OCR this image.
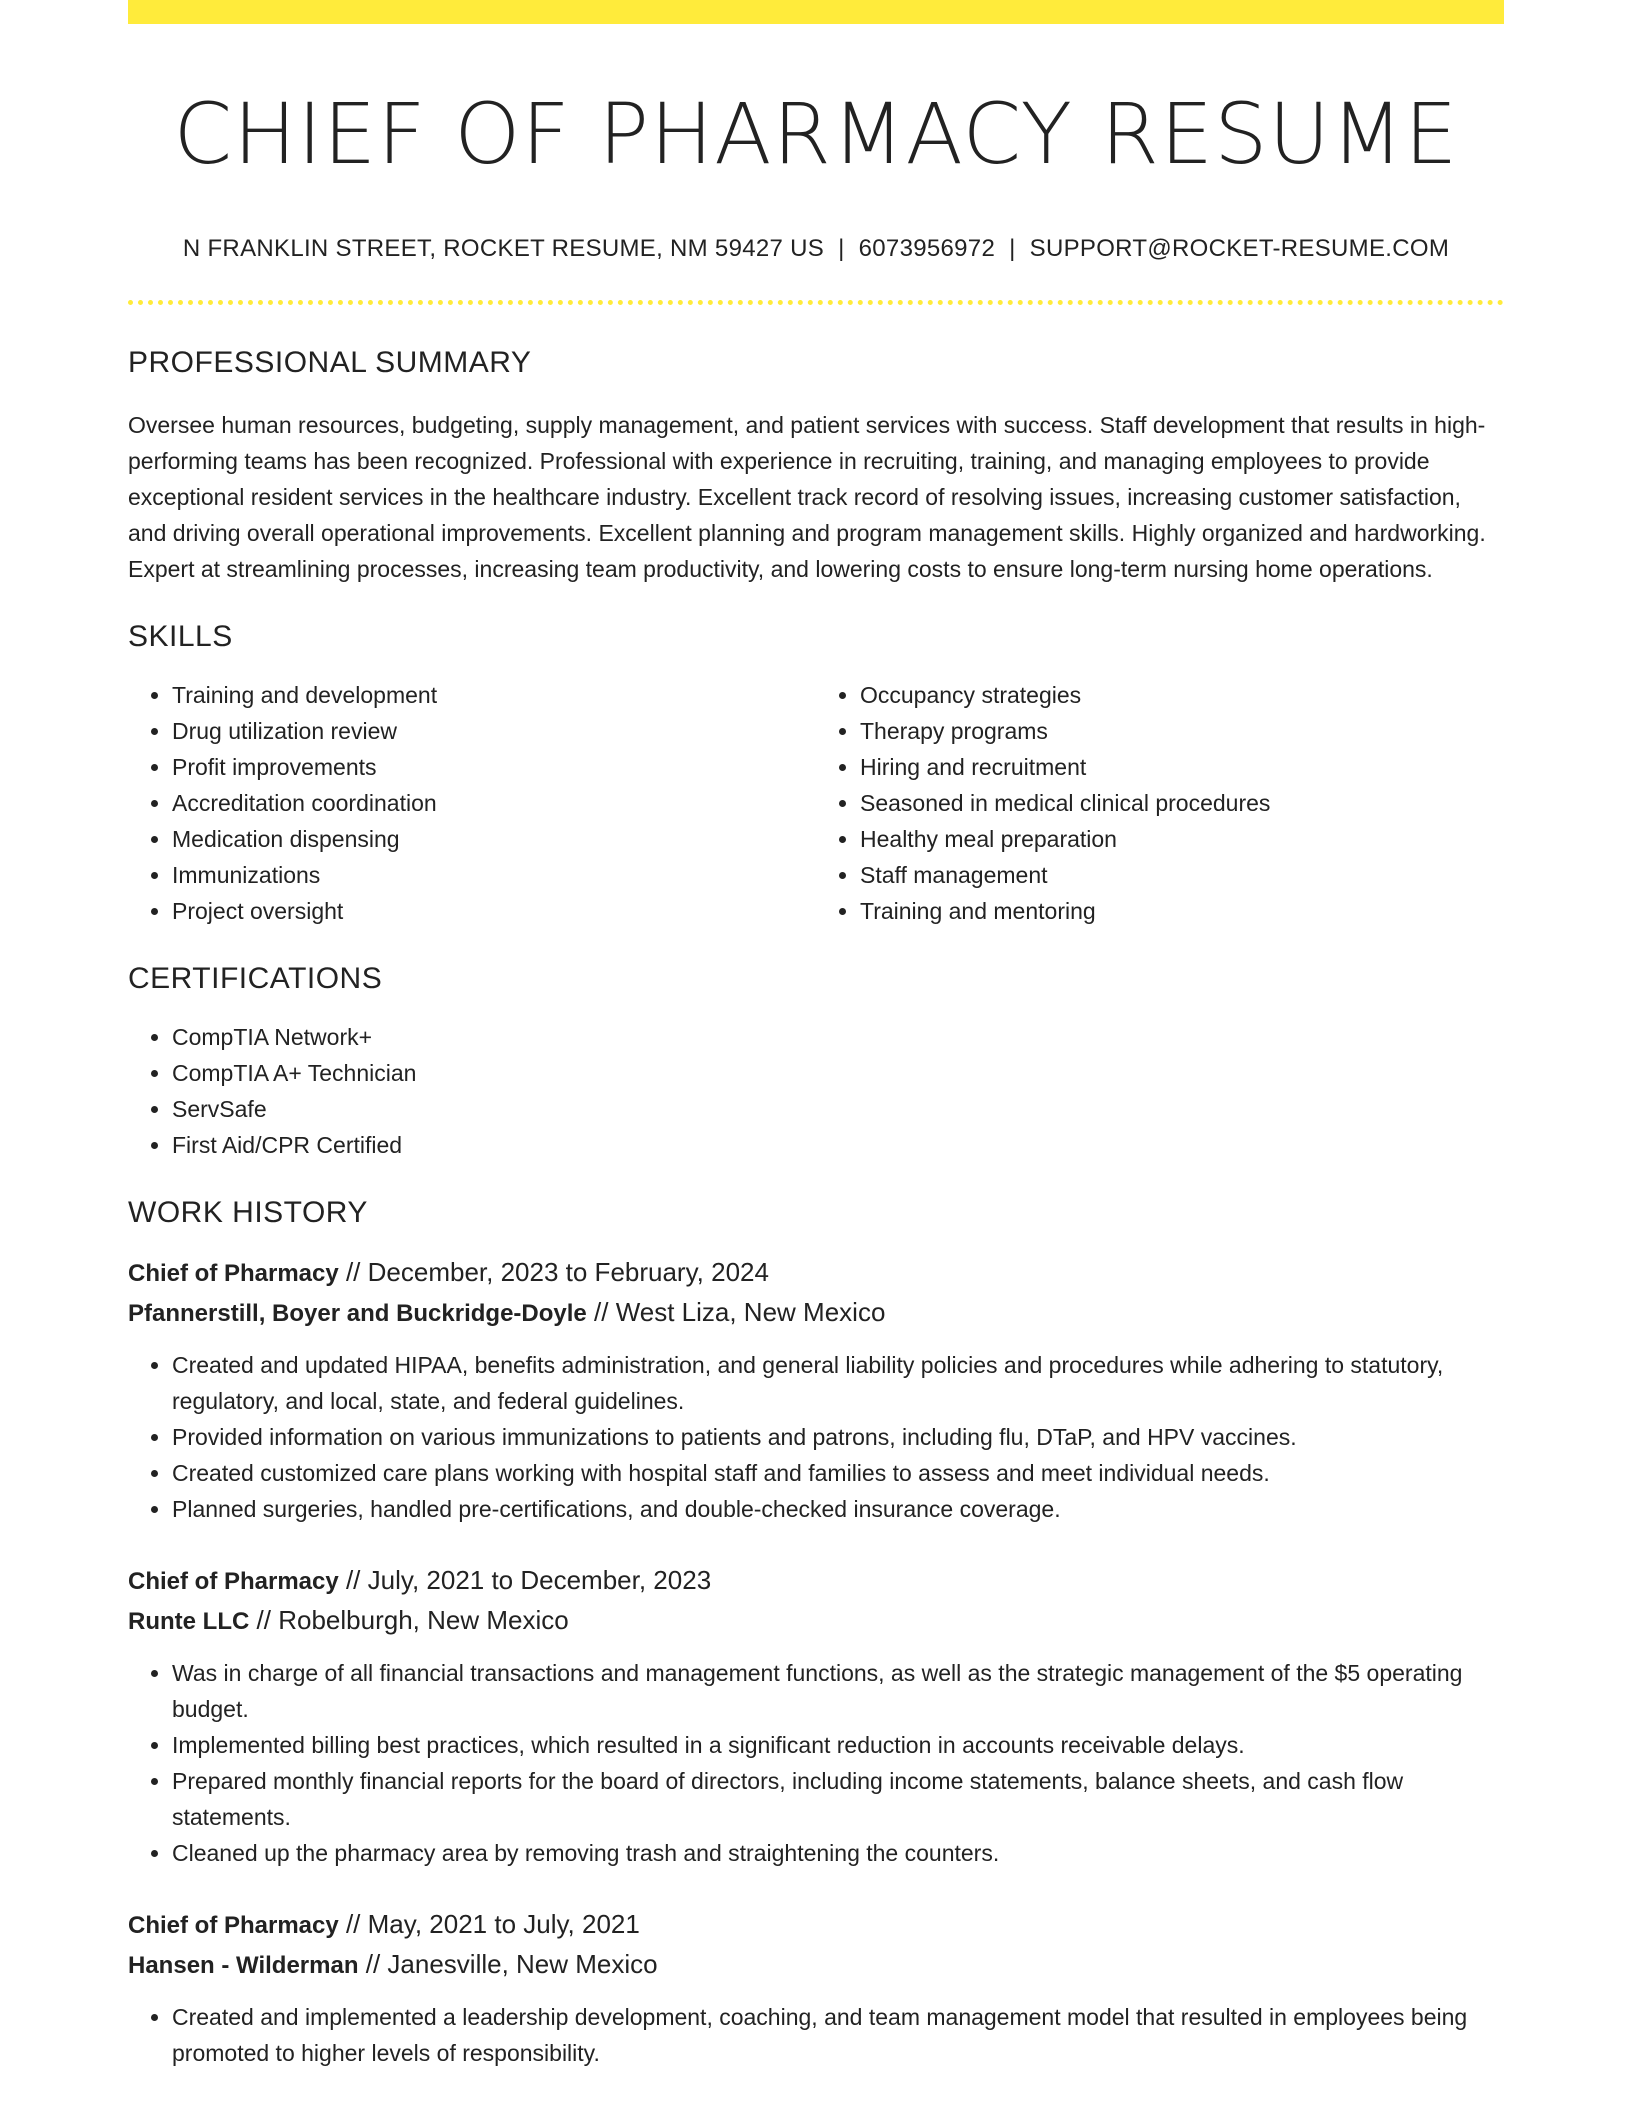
CHIEF OF PHARMACY RESUME
N FRANKLIN STREET, ROCKET RESUME, NM 59427 US | 6073956972 | SUPPORT@ROCKET-RESUME.COM
PROFESSIONAL SUMMARY

Oversee human resources, budgeting, supply management, and patient services with success. Staff development that results in high-performing teams has been recognized. Professional with experience in recruiting, training, and managing employees to provide exceptional resident services in the healthcare industry. Excellent track record of resolving issues, increasing customer satisfaction, and driving overall operational improvements. Excellent planning and program management skills. Highly organized and hardworking. Expert at streamlining processes, increasing team productivity, and lowering costs to ensure long-term nursing home operations.

SKILLS
• Training and development
• Drug utilization review
• Profit improvements
• Accreditation coordination
• Medication dispensing
• Immunizations
• Project oversight
• Occupancy strategies
• Therapy programs
• Hiring and recruitment
• Seasoned in medical clinical procedures
• Healthy meal preparation
• Staff management
• Training and mentoring
CERTIFICATIONS
• CompTIA Network+
• CompTIA A+ Technician
• ServSafe
• First Aid/CPR Certified
WORK HISTORY
Chief of Pharmacy // December, 2023 to February, 2024
Pfannerstill, Boyer and Buckridge-Doyle // West Liza, New Mexico
• Created and updated HIPAA, benefits administration, and general liability policies and procedures while adhering to statutory, regulatory, and local, state, and federal guidelines.
• Provided information on various immunizations to patients and patrons, including flu, DTaP, and HPV vaccines.
• Created customized care plans working with hospital staff and families to assess and meet individual needs.
• Planned surgeries, handled pre-certifications, and double-checked insurance coverage.
Chief of Pharmacy // July, 2021 to December, 2023
Runte LLC // Robelburgh, New Mexico
• Was in charge of all financial transactions and management functions, as well as the strategic management of the $5 operating budget.
• Implemented billing best practices, which resulted in a significant reduction in accounts receivable delays.
• Prepared monthly financial reports for the board of directors, including income statements, balance sheets, and cash flow statements.
• Cleaned up the pharmacy area by removing trash and straightening the counters.
Chief of Pharmacy // May, 2021 to July, 2021
Hansen - Wilderman // Janesville, New Mexico
• Created and implemented a leadership development, coaching, and team management model that resulted in employees being promoted to higher levels of responsibility.
